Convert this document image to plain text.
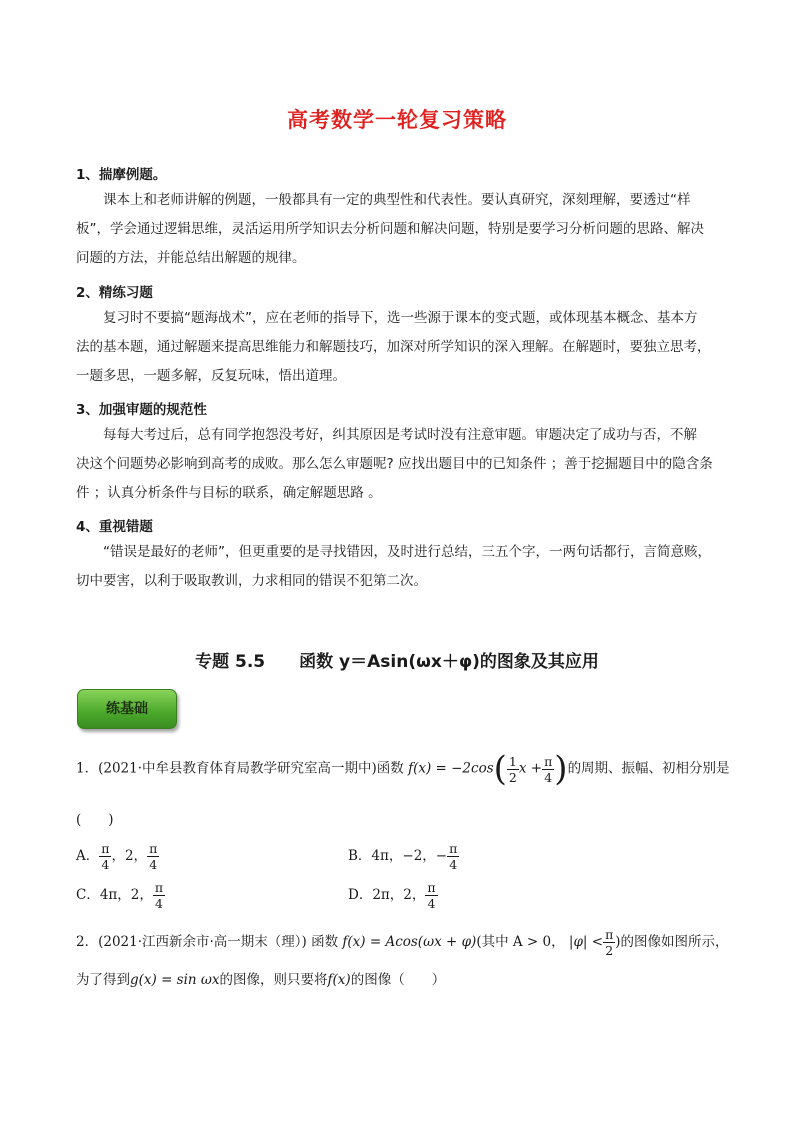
高考数学一轮复习策略
1、揣摩例题。
课本上和老师讲解的例题，一般都具有一定的典型性和代表性。要认真研究，深刻理解，要透过“样
板”，学会通过逻辑思维，灵活运用所学知识去分析问题和解决问题，特别是要学习分析问题的思路、解决
问题的方法，并能总结出解题的规律。
2、精练习题
复习时不要搞“题海战术”，应在老师的指导下，选一些源于课本的变式题，或体现基本概念、基本方
法的基本题，通过解题来提高思维能力和解题技巧，加深对所学知识的深入理解。在解题时，要独立思考，
一题多思，一题多解，反复玩味，悟出道理。
3、加强审题的规范性
每每大考过后，总有同学抱怨没考好，纠其原因是考试时没有注意审题。审题决定了成功与否，不解
决这个问题势必影响到高考的成败。那么怎么审题呢? 应找出题目中的已知条件 ；善于挖掘题目中的隐含条
件 ；认真分析条件与目标的联系，确定解题思路 。
4、重视错题
“错误是最好的老师”，但更重要的是寻找错因，及时进行总结，三五个字，一两句话都行，言简意赅，
切中要害，以利于吸取教训，力求相同的错误不犯第二次。
专题 5.5　　函数 y＝Asin(ωx＋φ)的图象及其应用
练基础
1．(2021·中牟县教育体育局教学研究室高一期中)函数 $f(x) = -2\cos( \frac{1}{2}$ $x + \frac{\pi}{4}$ )的周期、振幅、初相分别是
(　　)
A． $\frac{\pi}{4}$ ，2， $\frac{\pi}{4}$	B．4π，−2，− $\frac{\pi}{4}$
C．4π，2， $\frac{\pi}{4}$	D．2π，2， $\frac{\pi}{4}$
2．(2021·江西新余市·高一期末（理）) 函数 f(x) = Acos(ωx + φ)(其中 A > 0， $|\varphi| < \frac{\pi}{2}$ )的图像如图所示，
为了得到g(x) = sin ωx的图像，则只要将f(x)的图像（　　）
